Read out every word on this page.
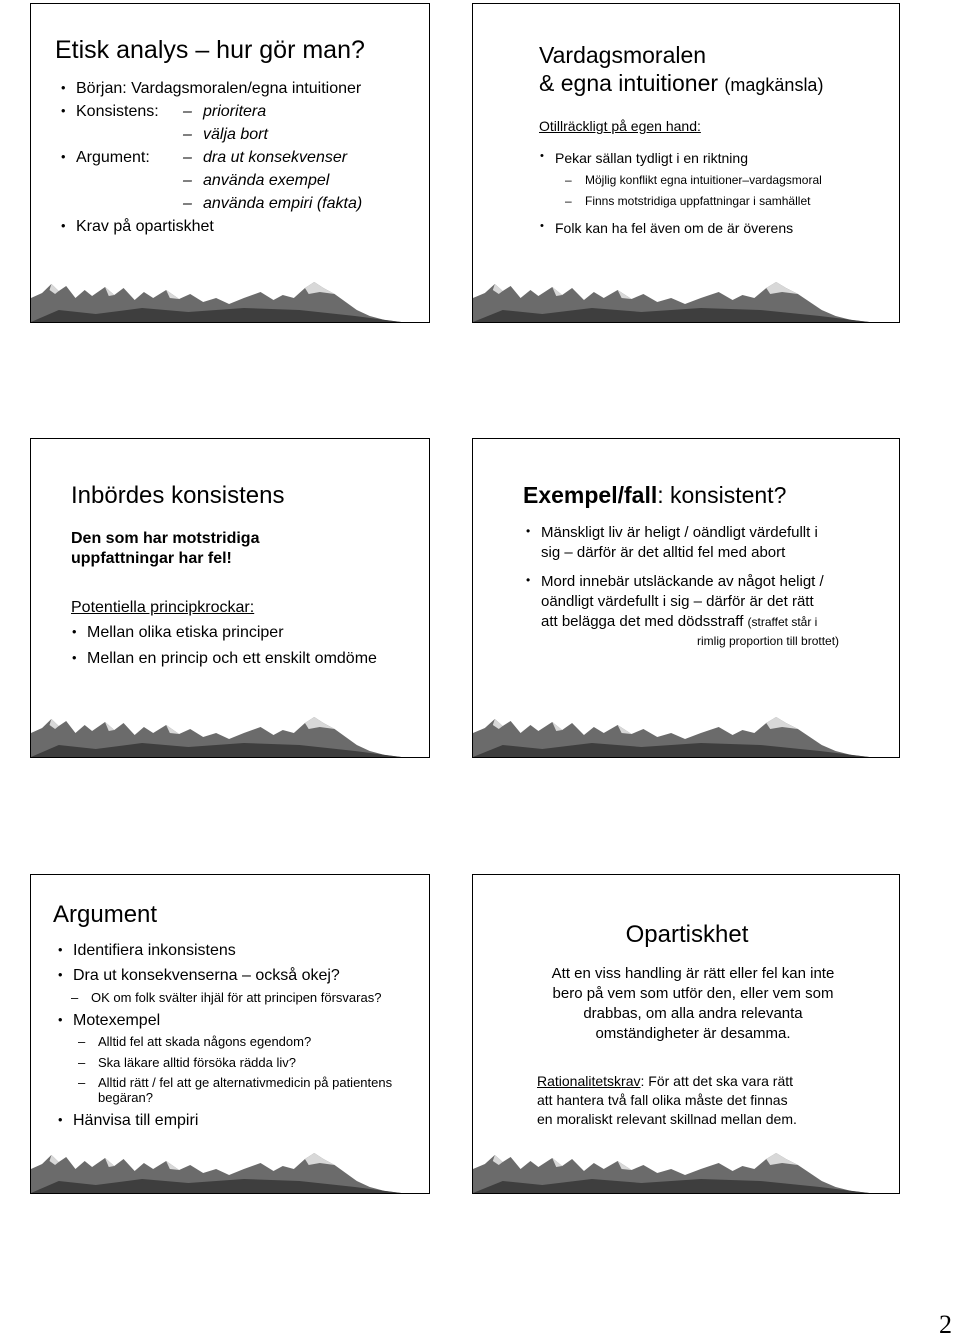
Etisk analys – hur gör man?
• Början: Vardagsmoralen/egna intuitioner
• Konsistens:	– prioritera
– välja bort
• Argument:	– dra ut konsekvenser
– använda exempel
– använda empiri (fakta)
• Krav på opartiskhet
Vardagsmoralen
& egna intuitioner (magkänsla)
Otillräckligt på egen hand:
• Pekar sällan tydligt i en riktning
– Möjlig konflikt egna intuitioner–vardagsmoral
– Finns motstridiga uppfattningar i samhället
• Folk kan ha fel även om de är överens
Inbördes konsistens
Den som har motstridiga
uppfattningar har fel!
Potentiella principkrockar:
• Mellan olika etiska principer
• Mellan en princip och ett enskilt omdöme
Exempel/fall: konsistent?
• Mänskligt liv är heligt / oändligt värdefullt i
sig – därför är det alltid fel med abort
• Mord innebär utsläckande av något heligt /
oändligt värdefullt i sig – därför är det rätt
att belägga det med dödsstraff (straffet står i
rimlig proportion till brottet)
Argument
• Identifiera inkonsistens
• Dra ut konsekvenserna – också okej?
– OK om folk svälter ihjäl för att principen försvaras?
• Motexempel
– Alltid fel att skada någons egendom?
– Ska läkare alltid försöka rädda liv?
– Alltid rätt / fel att ge alternativmedicin på patientens
begäran?
• Hänvisa till empiri
Opartiskhet
Att en viss handling är rätt eller fel kan inte
bero på vem som utför den, eller vem som
drabbas, om alla andra relevanta
omständigheter är desamma.
Rationalitetskrav: För att det ska vara rätt
att hantera två fall olika måste det finnas
en moraliskt relevant skillnad mellan dem.
2
